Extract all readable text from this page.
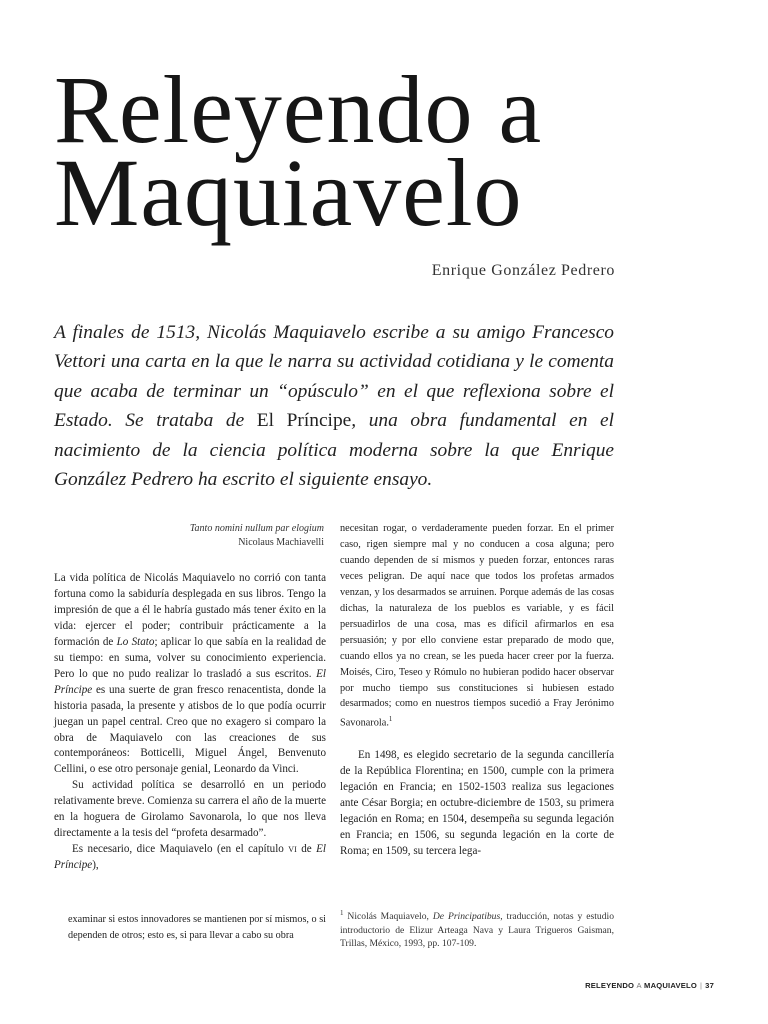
Releyendo a
Maquiavelo
Enrique González Pedrero

A finales de 1513, Nicolás Maquiavelo escribe a su amigo Francesco Vettori una carta en la que le narra su actividad cotidiana y le comenta que acaba de terminar un “opúsculo” en el que reflexiona sobre el Estado. Se trataba de El Príncipe, una obra fundamental en el nacimiento de la ciencia política moderna sobre la que Enrique González Pedrero ha escrito el siguiente ensayo.

Tanto nomini nullum par elogium
Nicolaus Machiavelli

La vida política de Nicolás Maquiavelo no corrió con tanta fortuna como la sabiduría desplegada en sus libros. Tengo la impresión de que a él le habría gustado más tener éxito en la vida: ejercer el poder; contribuir prácticamente a la formación de Lo Stato; aplicar lo que sabía en la realidad de su tiempo: en suma, volver su conocimiento experiencia. Pero lo que no pudo realizar lo trasladó a sus escritos. El Príncipe es una suerte de gran fresco renacentista, donde la historia pasada, la presente y atisbos de lo que podía ocurrir juegan un papel central. Creo que no exagero si comparo la obra de Maquiavelo con las creaciones de sus contemporáneos: Botticelli, Miguel Ángel, Benvenuto Cellini, o ese otro personaje genial, Leonardo da Vinci.

Su actividad política se desarrolló en un periodo relativamente breve. Comienza su carrera el año de la muerte en la hoguera de Girolamo Savonarola, lo que nos lleva directamente a la tesis del “profeta desarmado”.

Es necesario, dice Maquiavelo (en el capítulo vi de El Príncipe),

examinar si estos innovadores se mantienen por sí mismos, o si dependen de otros; esto es, si para llevar a cabo su obra

necesitan rogar, o verdaderamente pueden forzar. En el primer caso, rigen siempre mal y no conducen a cosa alguna; pero cuando dependen de sí mismos y pueden forzar, entonces raras veces peligran. De aquí nace que todos los profetas armados venzan, y los desarmados se arruinen. Porque además de las cosas dichas, la naturaleza de los pueblos es variable, y es fácil persuadirlos de una cosa, mas es difícil afirmarlos en esa persuasión; y por ello conviene estar preparado de modo que, cuando ellos ya no crean, se les pueda hacer creer por la fuerza. Moisés, Ciro, Teseo y Rómulo no hubieran podido hacer observar por mucho tiempo sus constituciones si hubiesen estado desarmados; como en nuestros tiempos sucedió a Fray Jerónimo Savonarola.$^1$

En 1498, es elegido secretario de la segunda cancillería de la República Florentina; en 1500, cumple con la primera legación en Francia; en 1502-1503 realiza sus legaciones ante César Borgia; en octubre-diciembre de 1503, su primera legación en Roma; en 1504, desempeña su segunda legación en Francia; en 1506, su segunda legación en la corte de Roma; en 1509, su tercera lega-

$^1$ Nicolás Maquiavelo, De Principatibus, traducción, notas y estudio introductorio de Elizur Arteaga Nava y Laura Trigueros Gaisman, Trillas, México, 1993, pp. 107-109.
RELEYENDO A MAQUIAVELO | 37
